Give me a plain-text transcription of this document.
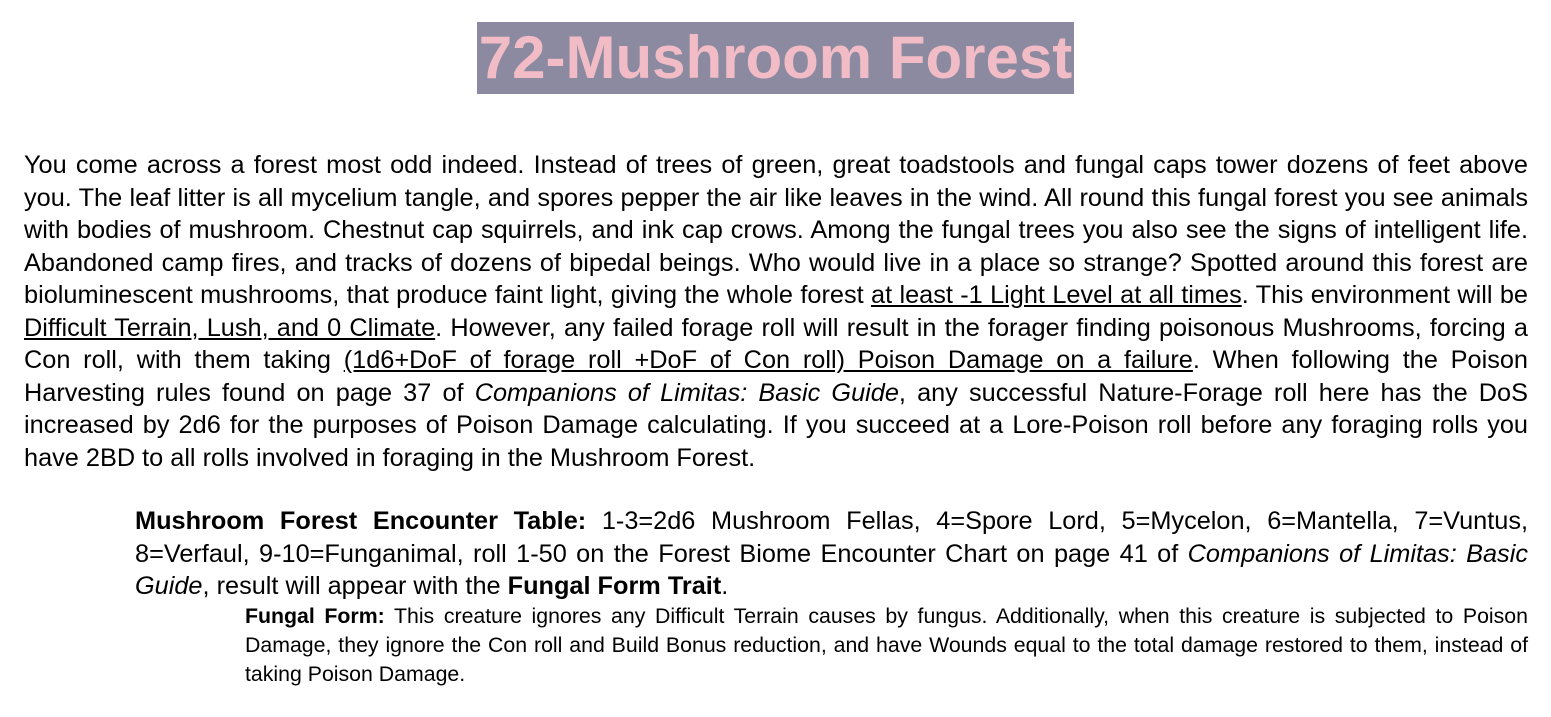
72-Mushroom Forest

You come across a forest most odd indeed. Instead of trees of green, great toadstools and fungal caps tower dozens of feet above you. The leaf litter is all mycelium tangle, and spores pepper the air like leaves in the wind. All round this fungal forest you see animals with bodies of mushroom. Chestnut cap squirrels, and ink cap crows. Among the fungal trees you also see the signs of intelligent life. Abandoned camp fires, and tracks of dozens of bipedal beings. Who would live in a place so strange? Spotted around this forest are bioluminescent mushrooms, that produce faint light, giving the whole forest at least -1 Light Level at all times. This environment will be Difficult Terrain, Lush, and 0 Climate. However, any failed forage roll will result in the forager finding poisonous Mushrooms, forcing a Con roll, with them taking (1d6+DoF of forage roll +DoF of Con roll) Poison Damage on a failure. When following the Poison Harvesting rules found on page 37 of Companions of Limitas: Basic Guide, any successful Nature-Forage roll here has the DoS increased by 2d6 for the purposes of Poison Damage calculating. If you succeed at a Lore-Poison roll before any foraging rolls you have 2BD to all rolls involved in foraging in the Mushroom Forest.

Mushroom Forest Encounter Table: 1-3=2d6 Mushroom Fellas, 4=Spore Lord, 5=Mycelon, 6=Mantella, 7=Vuntus, 8=Verfaul, 9-10=Funganimal, roll 1-50 on the Forest Biome Encounter Chart on page 41 of Companions of Limitas: Basic Guide, result will appear with the Fungal Form Trait.

Fungal Form: This creature ignores any Difficult Terrain causes by fungus. Additionally, when this creature is subjected to Poison Damage, they ignore the Con roll and Build Bonus reduction, and have Wounds equal to the total damage restored to them, instead of taking Poison Damage.
